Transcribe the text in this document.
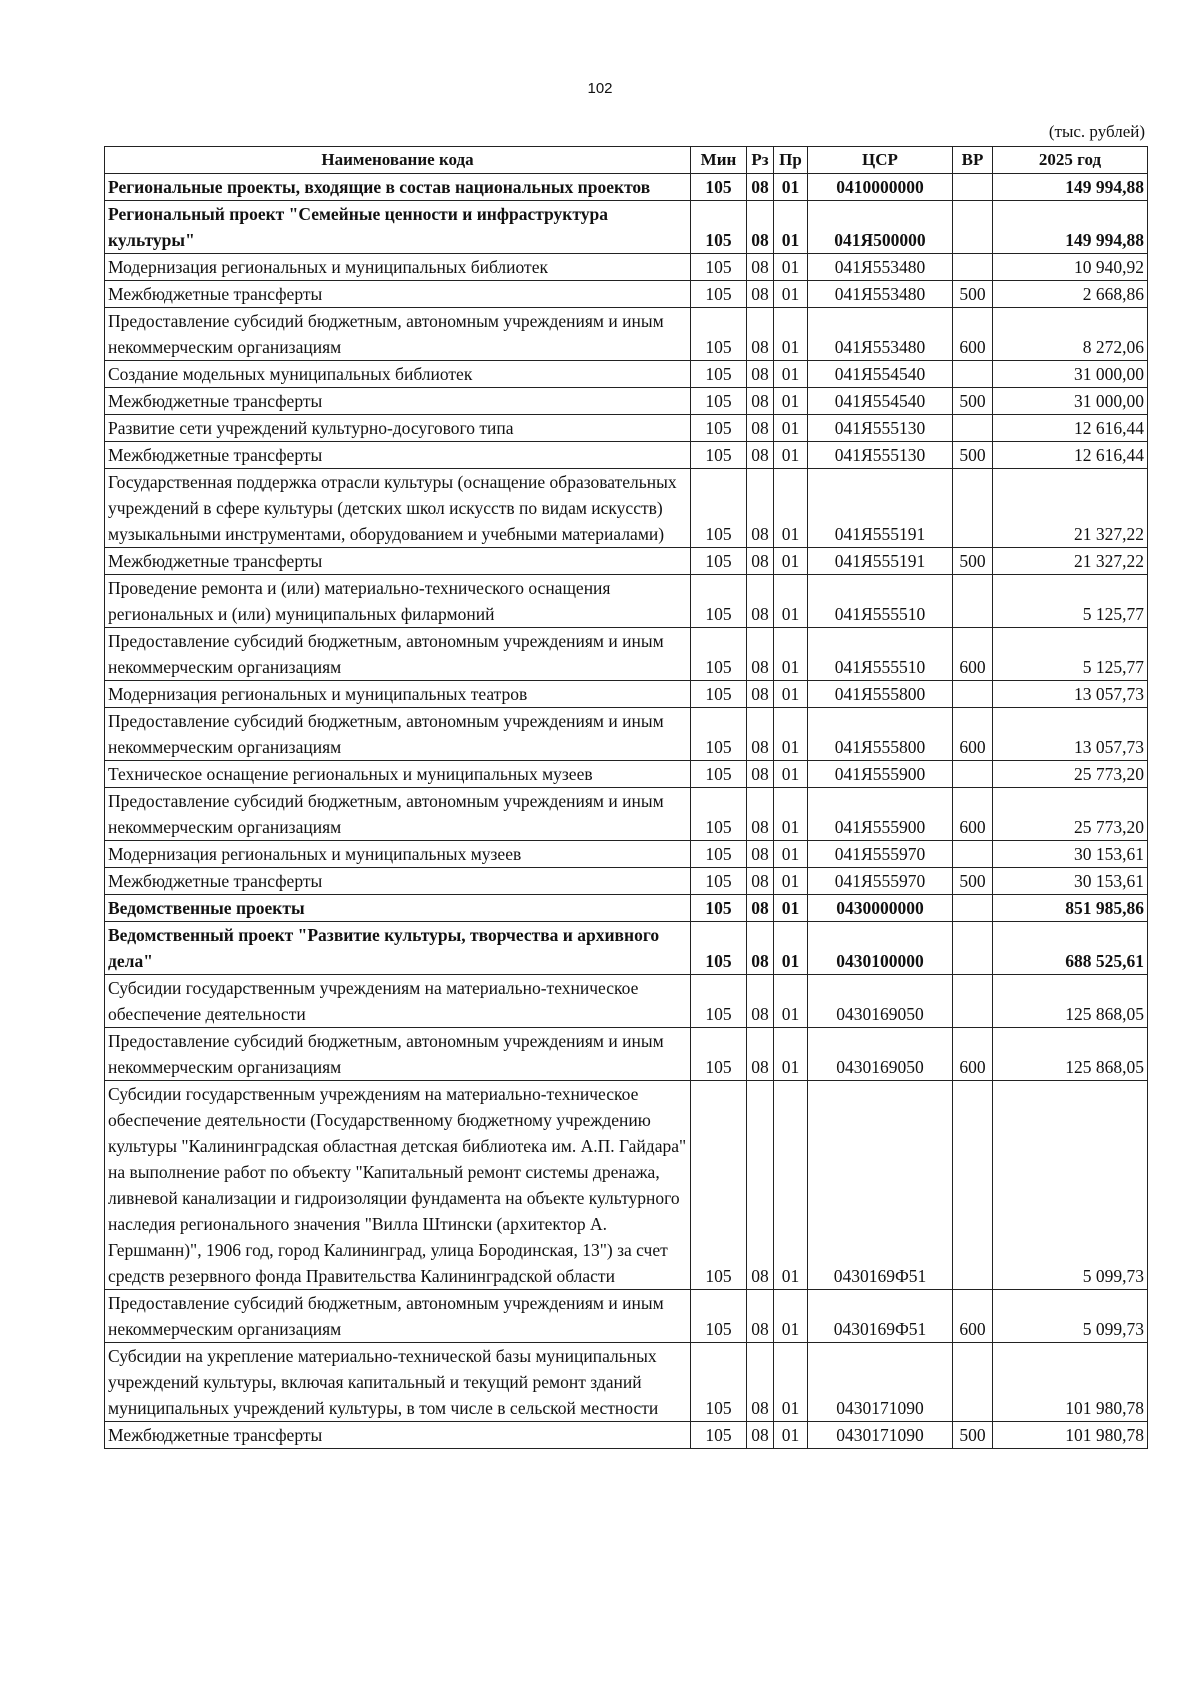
102
(тыс. рублей)
Наименование кода	Мин	Рз	Пр	ЦСР	ВР	2025 год
Региональные проекты, входящие в состав национальных проектов	105	08	01	0410000000		149 994,88
Региональный проект "Семейные ценности и инфраструктура культуры"	105	08	01	041Я500000		149 994,88
Модернизация региональных и муниципальных библиотек	105	08	01	041Я553480		10 940,92
Межбюджетные трансферты	105	08	01	041Я553480	500	2 668,86
Предоставление субсидий бюджетным, автономным учреждениям и иным некоммерческим организациям	105	08	01	041Я553480	600	8 272,06
Создание модельных муниципальных библиотек	105	08	01	041Я554540		31 000,00
Межбюджетные трансферты	105	08	01	041Я554540	500	31 000,00
Развитие сети учреждений культурно-досугового типа	105	08	01	041Я555130		12 616,44
Межбюджетные трансферты	105	08	01	041Я555130	500	12 616,44
Государственная поддержка отрасли культуры (оснащение образовательных учреждений в сфере культуры (детских школ искусств по видам искусств) музыкальными инструментами, оборудованием и учебными материалами)	105	08	01	041Я555191		21 327,22
Межбюджетные трансферты	105	08	01	041Я555191	500	21 327,22
Проведение ремонта и (или) материально-технического оснащения региональных и (или) муниципальных филармоний	105	08	01	041Я555510		5 125,77
Предоставление субсидий бюджетным, автономным учреждениям и иным некоммерческим организациям	105	08	01	041Я555510	600	5 125,77
Модернизация региональных и муниципальных театров	105	08	01	041Я555800		13 057,73
Предоставление субсидий бюджетным, автономным учреждениям и иным некоммерческим организациям	105	08	01	041Я555800	600	13 057,73
Техническое оснащение региональных и муниципальных музеев	105	08	01	041Я555900		25 773,20
Предоставление субсидий бюджетным, автономным учреждениям и иным некоммерческим организациям	105	08	01	041Я555900	600	25 773,20
Модернизация региональных и муниципальных музеев	105	08	01	041Я555970		30 153,61
Межбюджетные трансферты	105	08	01	041Я555970	500	30 153,61
Ведомственные проекты	105	08	01	0430000000		851 985,86
Ведомственный проект "Развитие культуры, творчества и архивного дела"	105	08	01	0430100000		688 525,61
Субсидии государственным учреждениям на материально-техническое обеспечение деятельности	105	08	01	0430169050		125 868,05
Предоставление субсидий бюджетным, автономным учреждениям и иным некоммерческим организациям	105	08	01	0430169050	600	125 868,05
Субсидии государственным учреждениям на материально-техническое обеспечение деятельности (Государственному бюджетному учреждению культуры "Калининградская областная детская библиотека им. А.П. Гайдара" на выполнение работ по объекту "Капитальный ремонт системы дренажа, ливневой канализации и гидроизоляции фундамента на объекте культурного наследия регионального значения "Вилла Штински (архитектор А. Гершманн)", 1906 год, город Калининград, улица Бородинская, 13") за счет средств резервного фонда Правительства Калининградской области	105	08	01	0430169Ф51		5 099,73
Предоставление субсидий бюджетным, автономным учреждениям и иным некоммерческим организациям	105	08	01	0430169Ф51	600	5 099,73
Субсидии на укрепление материально-технической базы муниципальных учреждений культуры, включая капитальный и текущий ремонт зданий муниципальных учреждений культуры, в том числе в сельской местности	105	08	01	0430171090		101 980,78
Межбюджетные трансферты	105	08	01	0430171090	500	101 980,78
